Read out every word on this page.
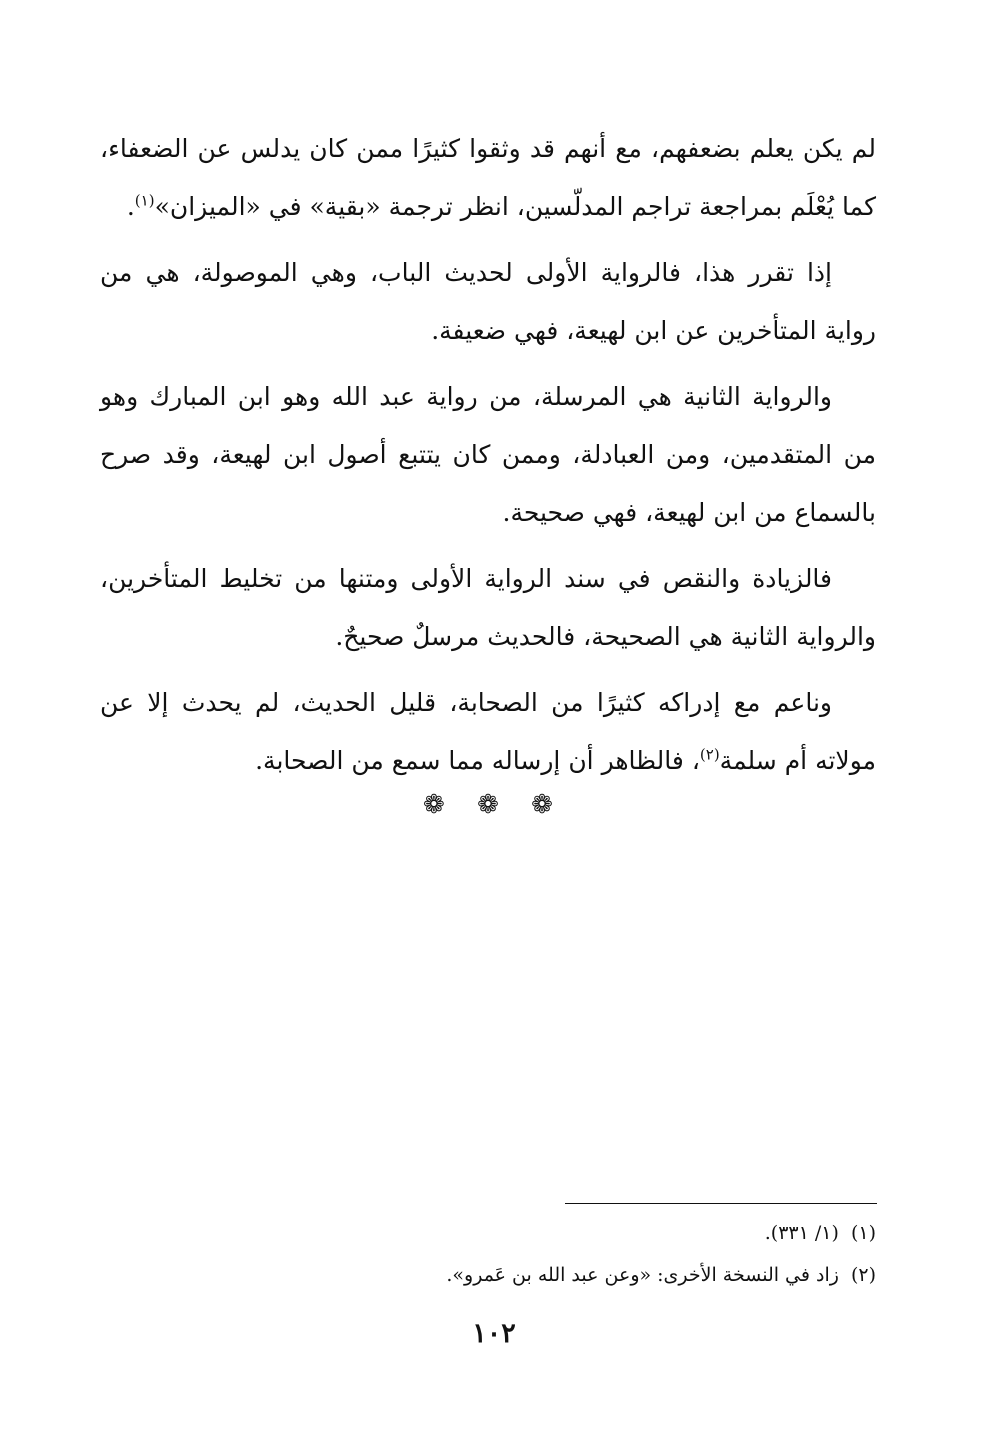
لم يكن يعلم بضعفهم، مع أنهم قد وثقوا كثيرًا ممن كان يدلس عن الضعفاء، كما يُعْلَم بمراجعة تراجم المدلّسين، انظر ترجمة «بقية» في «الميزان»$^{(١)}$.

إذا تقرر هذا، فالرواية الأولى لحديث الباب، وهي الموصولة، هي من رواية المتأخرين عن ابن لهيعة، فهي ضعيفة.

والرواية الثانية هي المرسلة، من رواية عبد الله وهو ابن المبارك وهو من المتقدمين، ومن العبادلة، وممن كان يتتبع أصول ابن لهيعة، وقد صرح بالسماع من ابن لهيعة، فهي صحيحة.

فالزيادة والنقص في سند الرواية الأولى ومتنها من تخليط المتأخرين، والرواية الثانية هي الصحيحة، فالحديث مرسلٌ صحيحٌ.

وناعم مع إدراكه كثيرًا من الصحابة، قليل الحديث، لم يحدث إلا عن مولاته أم سلمة$^{(٢)}$، فالظاهر أن إرساله مما سمع من الصحابة.

❁ ❁ ❁
(١)(١/ ٣٣١).
(٢)زاد في النسخة الأخرى: «وعن عبد الله بن عَمرو».
١٠٢
